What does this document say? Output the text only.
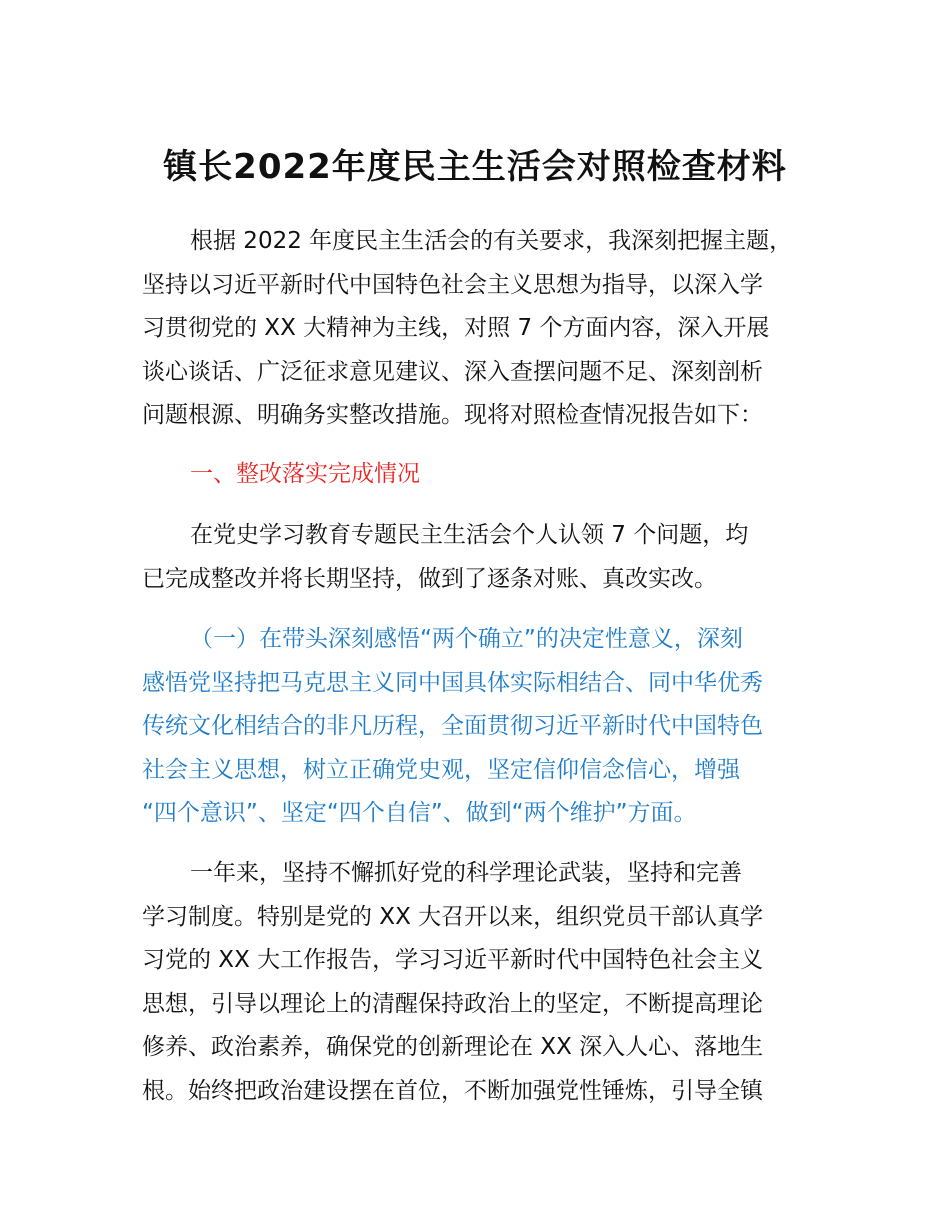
镇长2022年度民主生活会对照检查材料

根据 2022 年度民主生活会的有关要求，我深刻把握主题，
坚持以习近平新时代中国特色社会主义思想为指导，以深入学
习贯彻党的 XX 大精神为主线，对照 7 个方面内容，深入开展
谈心谈话、广泛征求意见建议、深入查摆问题不足、深刻剖析
问题根源、明确务实整改措施。现将对照检查情况报告如下：

一、整改落实完成情况

在党史学习教育专题民主生活会个人认领 7 个问题，均
已完成整改并将长期坚持，做到了逐条对账、真改实改。

（一）在带头深刻感悟“两个确立”的决定性意义，深刻
感悟党坚持把马克思主义同中国具体实际相结合、同中华优秀
传统文化相结合的非凡历程，全面贯彻习近平新时代中国特色
社会主义思想，树立正确党史观，坚定信仰信念信心，增强
“四个意识”、坚定“四个自信”、做到“两个维护”方面。

一年来，坚持不懈抓好党的科学理论武装，坚持和完善
学习制度。特别是党的 XX 大召开以来，组织党员干部认真学
习党的 XX 大工作报告，学习习近平新时代中国特色社会主义
思想，引导以理论上的清醒保持政治上的坚定，不断提高理论
修养、政治素养，确保党的创新理论在 XX 深入人心、落地生
根。始终把政治建设摆在首位，不断加强党性锤炼，引导全镇
